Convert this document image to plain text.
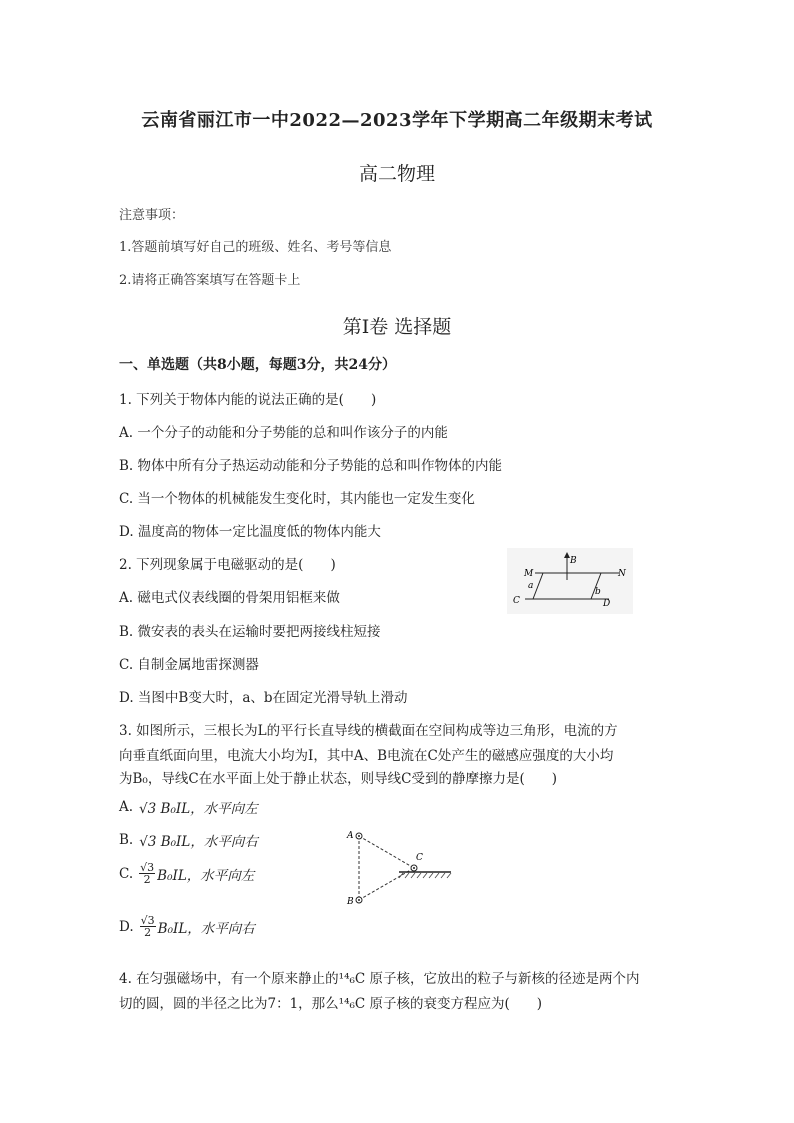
云南省丽江市一中2022—2023学年下学期高二年级期末考试
高二物理
注意事项：
1.答题前填写好自己的班级、姓名、考号等信息
2.请将正确答案填写在答题卡上
第Ⅰ卷 选择题
一、单选题（共8小题，每题3分，共24分）
1. 下列关于物体内能的说法正确的是(　　)
A. 一个分子的动能和分子势能的总和叫作该分子的内能
B. 物体中所有分子热运动动能和分子势能的总和叫作物体的内能
C. 当一个物体的机械能发生变化时，其内能也一定发生变化
D. 温度高的物体一定比温度低的物体内能大
2. 下列现象属于电磁驱动的是(　　)
A. 磁电式仪表线圈的骨架用铝框来做
B. 微安表的表头在运输时要把两接线柱短接
C. 自制金属地雷探测器
D. 当图中B变大时，a、b在固定光滑导轨上滑动
M	N
B
a
b
C	D
3. 如图所示，三根长为L的平行长直导线的横截面在空间构成等边三角形，电流的方
向垂直纸面向里，电流大小均为I，其中A、B电流在C处产生的磁感应强度的大小均
为B₀，导线C在水平面上处于静止状态，则导线C受到的静摩擦力是(　　)
A. √3 B₀IL，水平向左
B. √3 B₀IL，水平向右
C. $\frac{√3}{2} B_0IL$，水平向左
D. $\frac{√3}{2} B_0IL$，水平向右
A
B
C
4. 在匀强磁场中，有一个原来静止的¹⁴₆C 原子核，它放出的粒子与新核的径迹是两个内
切的圆，圆的半径之比为7：1，那么¹⁴₆C 原子核的衰变方程应为(　　)
